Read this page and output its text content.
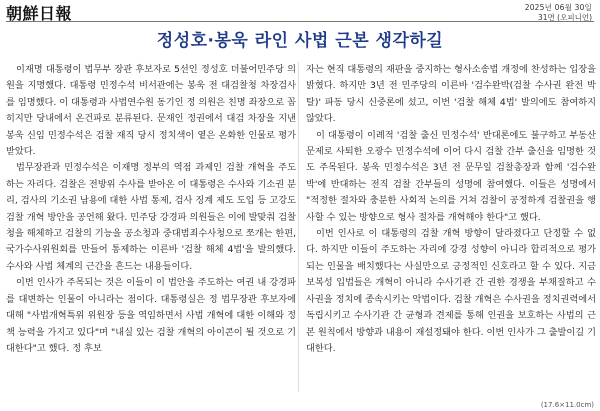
朝鮮日報	2025년 06월 30일
31면 (오피니언)
정성호·봉욱 라인 사법 근본 생각하길

이재명 대통령이 법무부 장관 후보자로 5선인 정성호 더불어민주당 의원을 지명했다. 대통령 민정수석 비서관에는 봉욱 전 대검찰청 차장검사를 임명했다. 이 대통령과 사법연수원 동기인 정 의원은 친명 좌장으로 꼽히지만 당내에서 온건파로 분류된다. 문재인 정권에서 대검 차장을 지낸 봉욱 신임 민정수석은 검찰 재직 당시 정치색이 옅은 온화한 인물로 평가받았다.

법무장관과 민정수석은 이재명 정부의 역점 과제인 검찰 개혁을 주도하는 자리다. 검찰은 전방위 수사를 받아온 이 대통령은 수사와 기소권 분리, 검사의 기소권 남용에 대한 사법 통제, 검사 징계 제도 도입 등 고강도 검찰 개혁 방안을 공언해 왔다. 민주당 강경파 의원들은 이에 발맞춰 검찰청을 해체하고 검찰의 기능을 공소청과 중대범죄수사청으로 쪼개는 한편, 국가수사위원회를 만들어 통제하는 이른바 '검찰 해체 4법'을 발의했다. 수사와 사법 체계의 근간을 흔드는 내용들이다.

이번 인사가 주목되는 것은 이들이 이 법안을 주도하는 여권 내 강경파를 대변하는 인물이 아니라는 점이다. 대통령실은 정 법무장관 후보자에 대해 "사법개혁특위 위원장 등을 역임하면서 사법 개혁에 대한 이해와 정책 능력을 가지고 있다"며 "내실 있는 검찰 개혁의 아이콘이 될 것으로 기대한다"고 했다. 정 후보

자는 현직 대통령의 재판을 중지하는 형사소송법 개정에 찬성하는 입장을 밝혔다. 하지만 3년 전 민주당의 이른바 '검수완박(검찰 수사권 완전 박탈)' 파동 당시 신중론에 섰고, 이번 '검찰 해체 4법' 발의에도 참여하지 않았다.

이 대통령이 이례적 '검찰 출신 민정수석' 반대론에도 불구하고 부동산 문제로 사퇴한 오광수 민정수석에 이어 다시 검찰 간부 출신을 임명한 것도 주목된다. 봉욱 민정수석은 3년 전 문무일 검찰총장과 함께 '검수완박'에 반대하는 전직 검찰 간부들의 성명에 참여했다. 이들은 성명에서 "적정한 절차와 충분한 사회적 논의를 거쳐 검찰이 공정하게 검찰권을 행사할 수 있는 방향으로 형사 절차를 개혁해야 한다"고 했다.

이번 인사로 이 대통령의 검찰 개혁 방향이 달라졌다고 단정할 수 없다. 하지만 이들이 주도하는 자리에 강경 성향이 아니라 합리적으로 평가되는 인물을 배치했다는 사실만으로 긍정적인 신호라고 할 수 있다. 지금 보복성 입법들은 개혁이 아니라 수사기관 간 권한 경쟁을 부채질하고 수사권을 정치에 종속시키는 악법이다. 검찰 개혁은 수사권을 정치권력에서 독립시키고 수사기관 간 균형과 견제를 통해 인권을 보호하는 사법의 근본 원칙에서 방향과 내용이 재설정돼야 한다. 이번 인사가 그 출발이길 기대한다.

(17.6×11.0cm)
